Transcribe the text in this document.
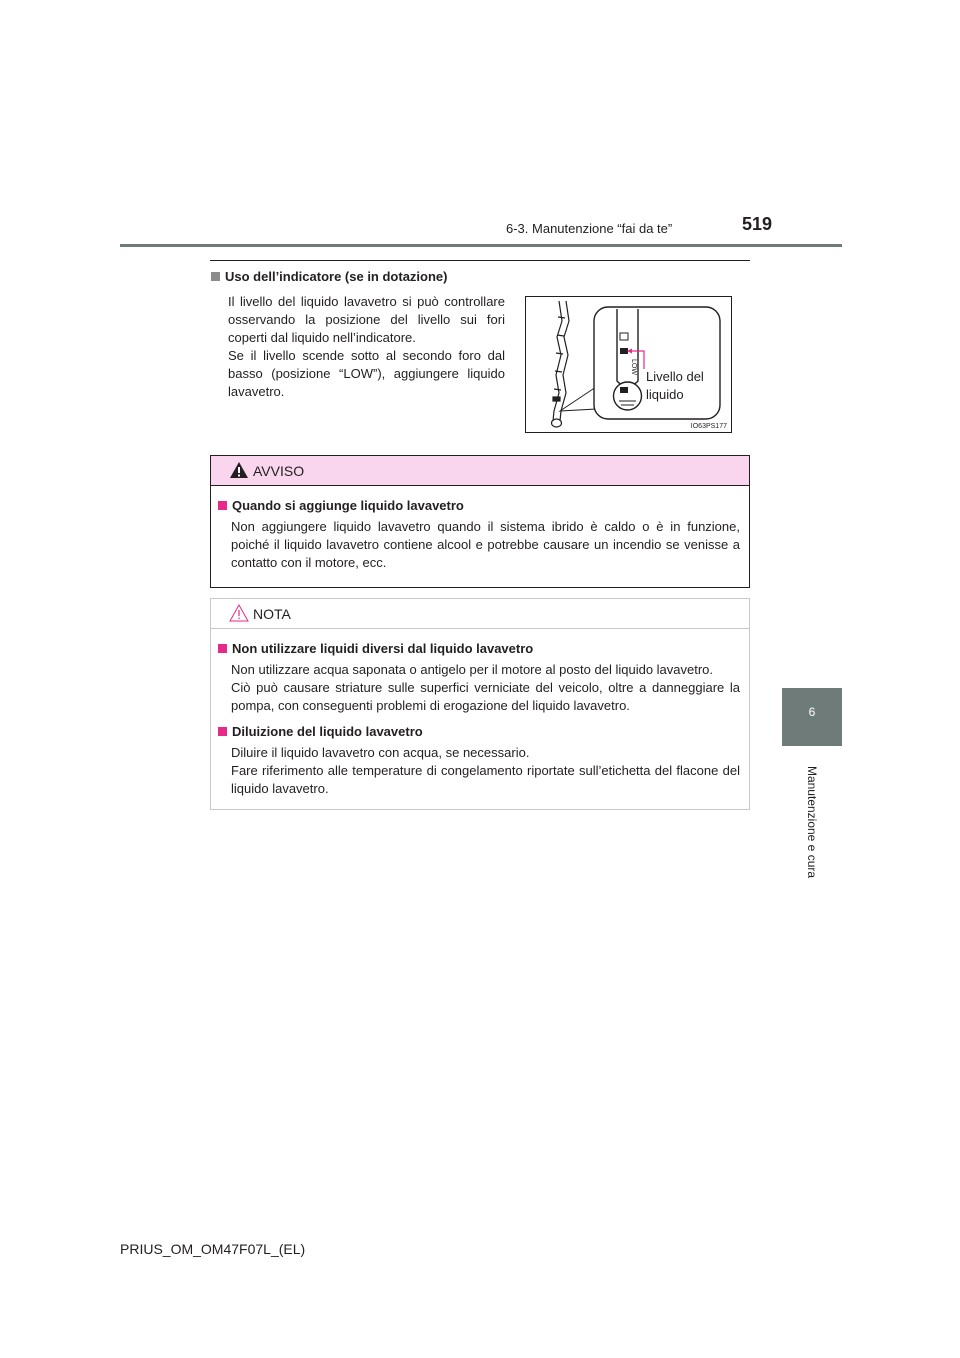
6-3. Manutenzione “fai da te”	519
6
Manutenzione e cura
Uso dell’indicatore (se in dotazione)

Il livello del liquido lavavetro si può controllare osservando la posizione del livello sui fori coperti dal liquido nell’indicatore.

Se il livello scende sotto al secondo foro dal basso (posizione “LOW”), aggiungere liquido lavavetro.

LOW
Livello del
liquido
IO63PS177
AVVISO
Quando si aggiunge liquido lavavetro

Non aggiungere liquido lavavetro quando il sistema ibrido è caldo o è in funzione, poiché il liquido lavavetro contiene alcool e potrebbe causare un incendio se venisse a contatto con il motore, ecc.

NOTA
Non utilizzare liquidi diversi dal liquido lavavetro

Non utilizzare acqua saponata o antigelo per il motore al posto del liquido lavavetro.

Ciò può causare striature sulle superfici verniciate del veicolo, oltre a danneggiare la pompa, con conseguenti problemi di erogazione del liquido lavavetro.

Diluizione del liquido lavavetro

Diluire il liquido lavavetro con acqua, se necessario.

Fare riferimento alle temperature di congelamento riportate sull’etichetta del flacone del liquido lavavetro.

PRIUS_OM_OM47F07L_(EL)
